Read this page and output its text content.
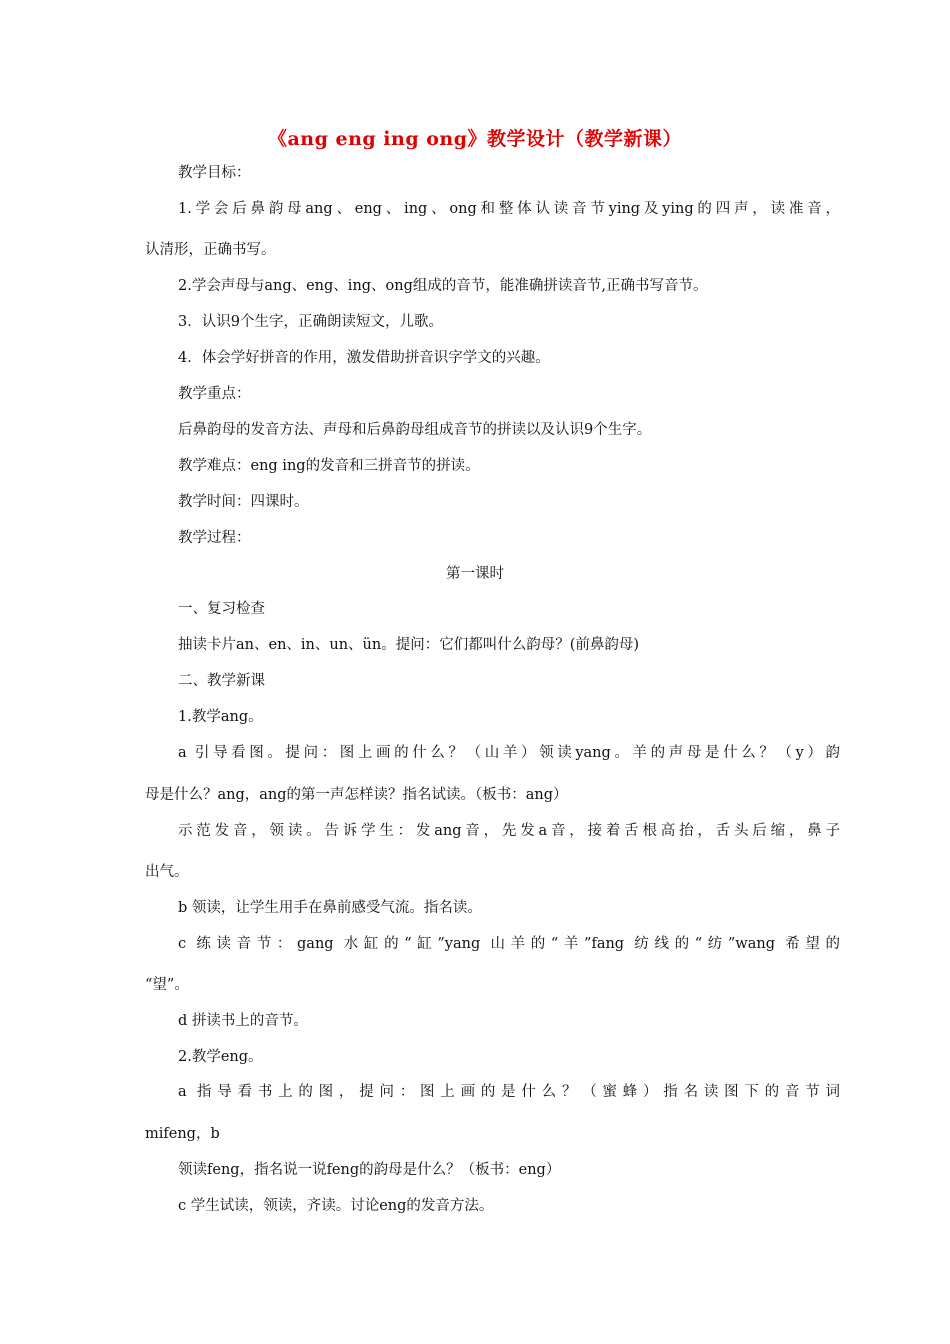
《ang eng ing ong》教学设计（教学新课）
教学目标：
1.学会后鼻韵母ang、eng、ing、ong和整体认读音节ying及ying的四声，读准音，
认清形，正确书写。
2.学会声母与ang、eng、ing、ong组成的音节，能准确拼读音节,正确书写音节。
3．认识9个生字，正确朗读短文，儿歌。
4．体会学好拼音的作用，激发借助拼音识字学文的兴趣。
教学重点：
后鼻韵母的发音方法、声母和后鼻韵母组成音节的拼读以及认识9个生字。
教学难点：eng ing的发音和三拼音节的拼读。
教学时间：四课时。
教学过程：
第一课时
一、复习检查
抽读卡片an、en、in、un、ün。提问：它们都叫什么韵母？(前鼻韵母)
二、教学新课
1.教学ang。
a 引导看图。提问：图上画的什么？（山羊）领读yang。羊的声母是什么？（y）韵
母是什么？ang，ang的第一声怎样读？指名试读。（板书：ang）
示范发音，领读。告诉学生：发ang音，先发a音，接着舌根高抬，舌头后缩，鼻子
出气。
b 领读，让学生用手在鼻前感受气流。指名读。
c 练读音节：gang 水缸的“缸”yang 山羊的“羊”fang 纺线的“纺”wang 希望的
“望”。
d 拼读书上的音节。
2.教学eng。
a 指导看书上的图，提问：图上画的是什么？（蜜蜂）指名读图下的音节词
mifeng，b
领读feng，指名说一说feng的韵母是什么？（板书：eng）
c 学生试读，领读，齐读。讨论eng的发音方法。
